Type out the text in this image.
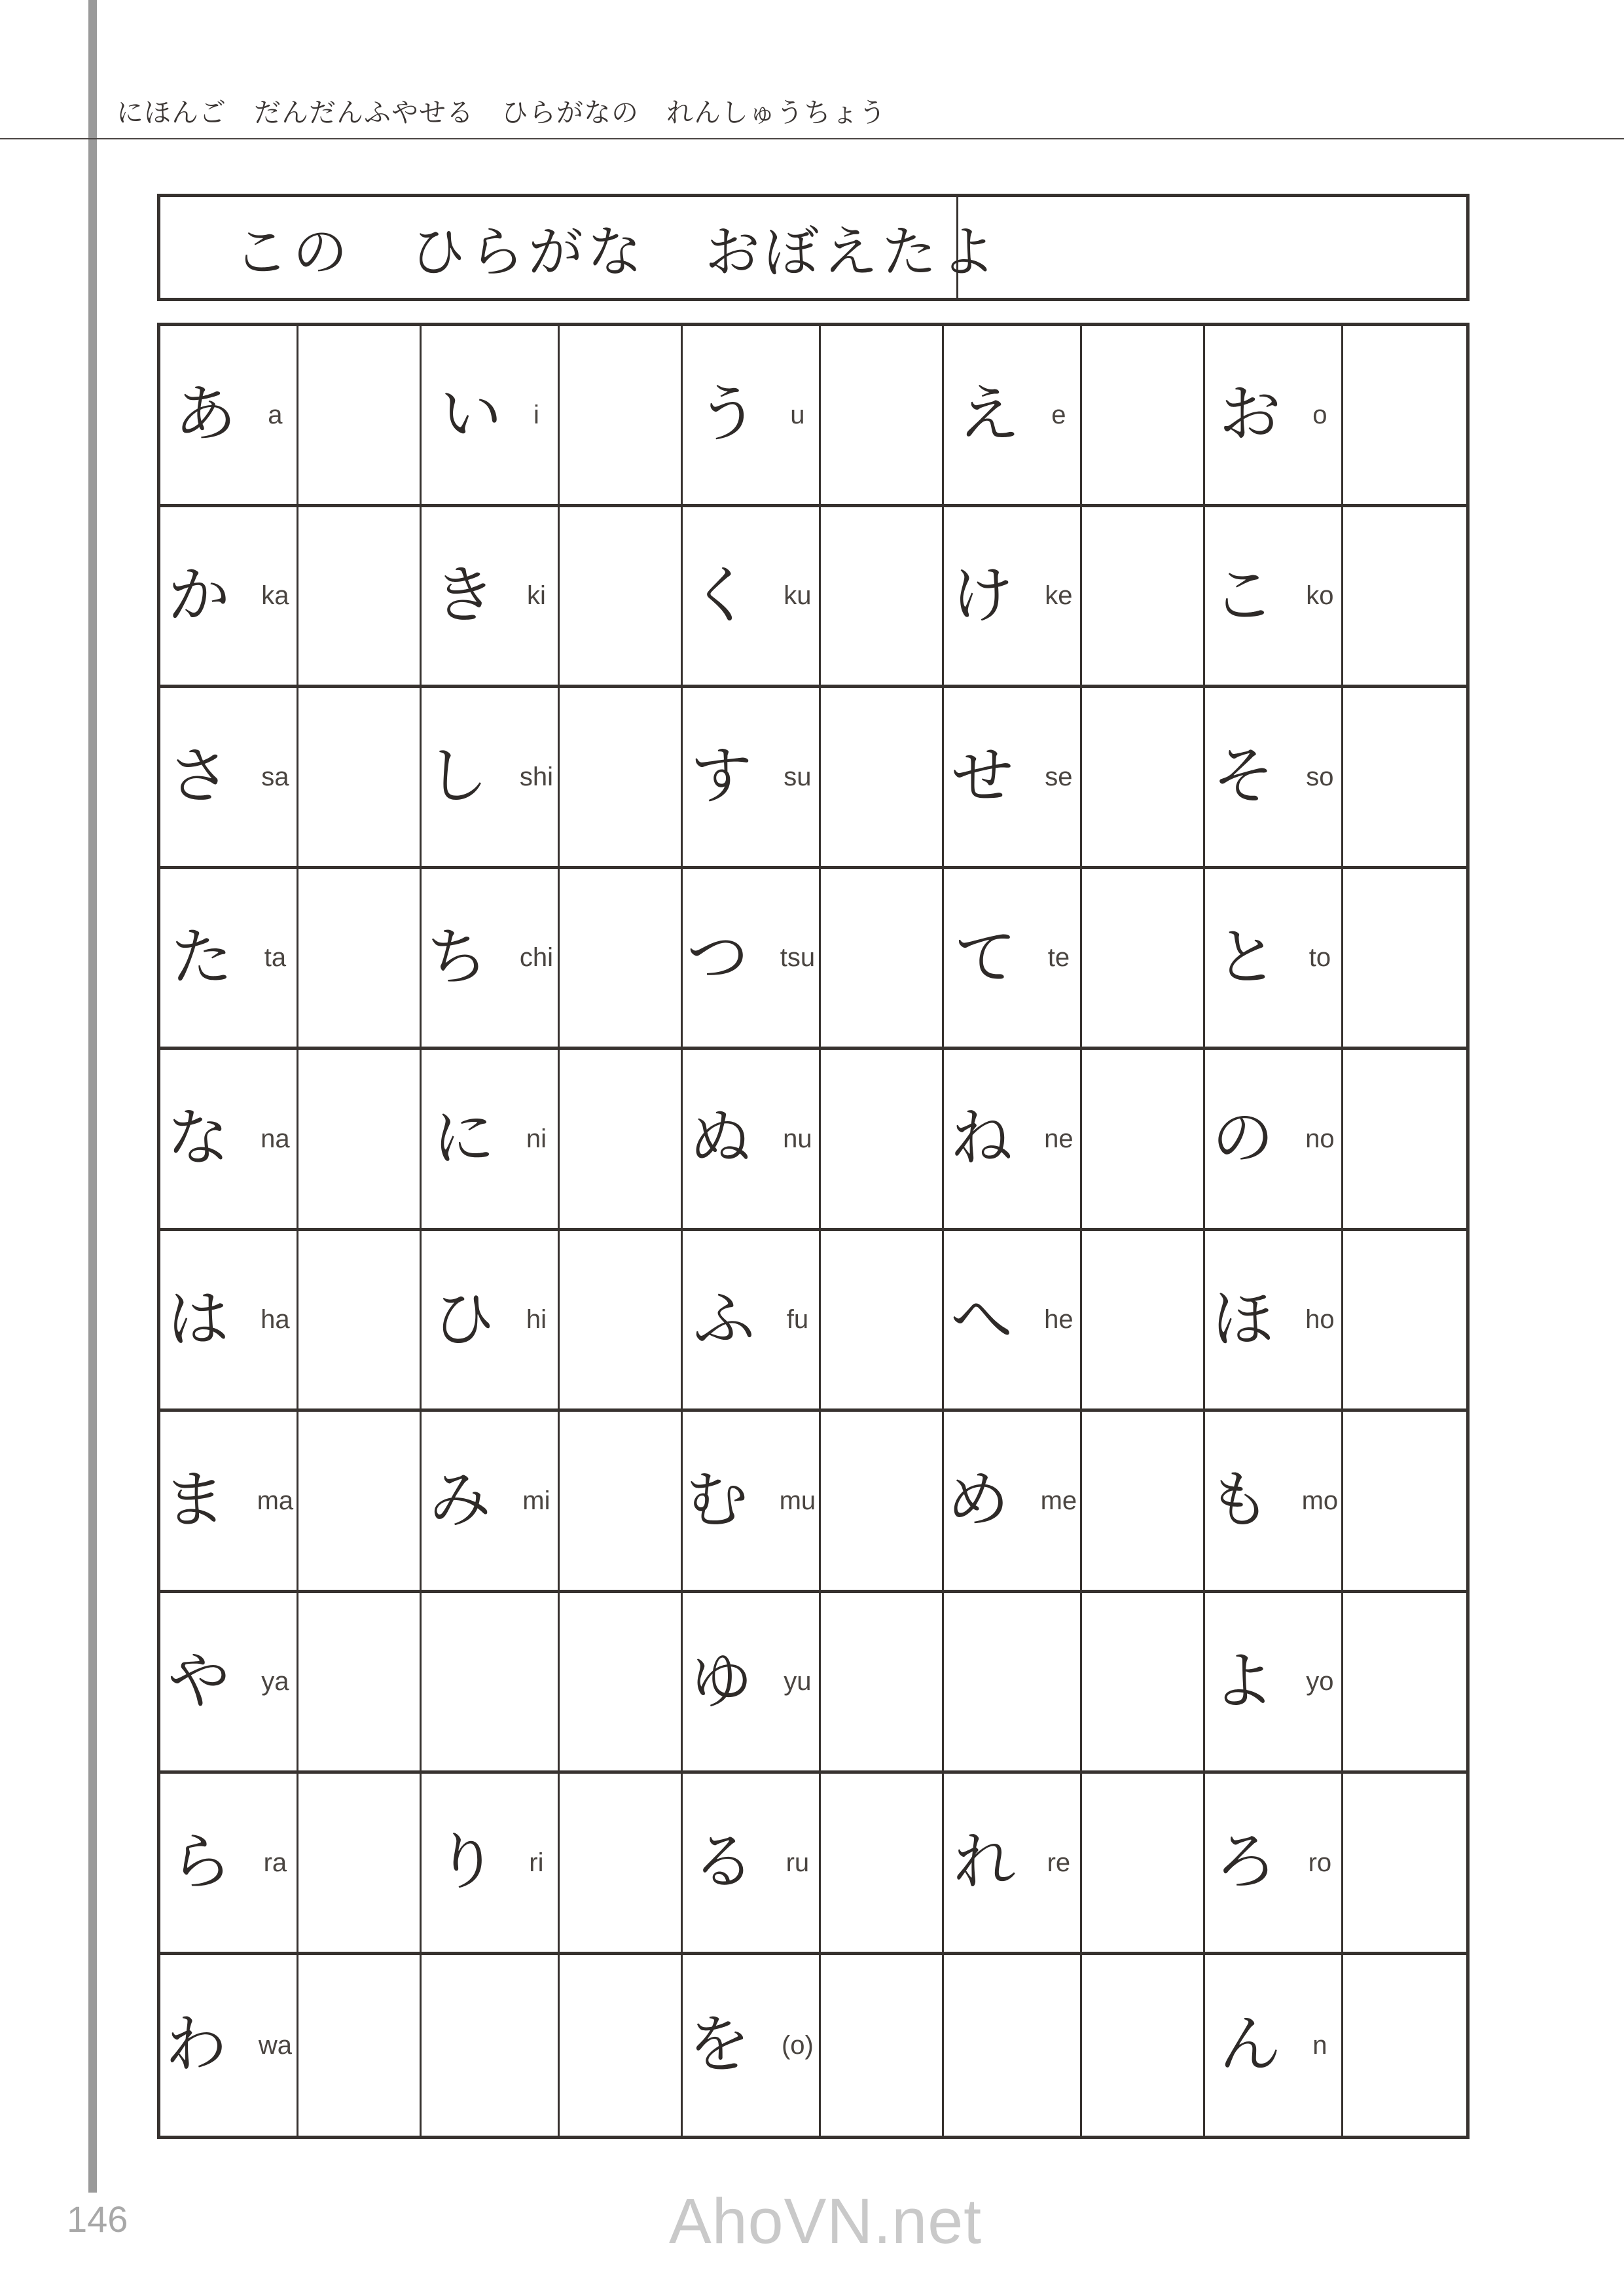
にほんご　だんだんふやせる　ひらがなの　れんしゅうちょう
この　ひらがな　おぼえたよ
あ a	い i	う u え e お o
か ka き ki く ku け ke こ ko
さ sa し shi す su せ se そ so
た ta ち chi つ tsu て te と to
な na に ni ぬ nu ね ne の no
は ha ひ hi ふ fu へ he ほ ho
ま ma み mi む mu め me も mo
や ya	ゆ yu	よ yo
ら ra り ri る ru れ re ろ ro
わ wa	を (o)	ん n
146	AhoVN.net
